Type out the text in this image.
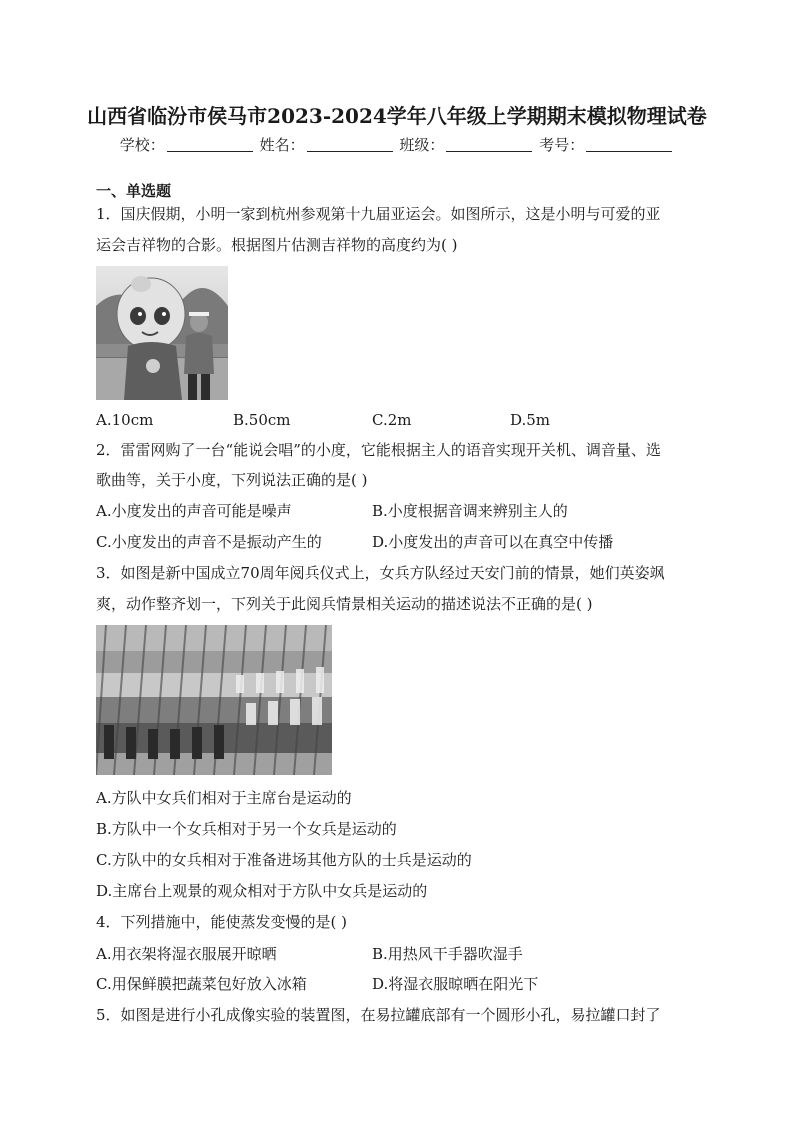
山西省临汾市侯马市2023-2024学年八年级上学期期末模拟物理试卷
学校：	姓名：	班级：	考号：
一、单选题
1．国庆假期，小明一家到杭州参观第十九届亚运会。如图所示，这是小明与可爱的亚
运会吉祥物的合影。根据图片估测吉祥物的高度约为( )
A.10cm	B.50cm	C.2m	D.5m
2．雷雷网购了一台“能说会唱”的小度，它能根据主人的语音实现开关机、调音量、选
歌曲等，关于小度，下列说法正确的是( )
A.小度发出的声音可能是噪声	B.小度根据音调来辨别主人的
C.小度发出的声音不是振动产生的	D.小度发出的声音可以在真空中传播
3．如图是新中国成立70周年阅兵仪式上，女兵方队经过天安门前的情景，她们英姿飒
爽，动作整齐划一，下列关于此阅兵情景相关运动的描述说法不正确的是( )
A.方队中女兵们相对于主席台是运动的
B.方队中一个女兵相对于另一个女兵是运动的
C.方队中的女兵相对于准备进场其他方队的士兵是运动的
D.主席台上观景的观众相对于方队中女兵是运动的
4．下列措施中，能使蒸发变慢的是( )
A.用衣架将湿衣服展开晾晒	B.用热风干手器吹湿手
C.用保鲜膜把蔬菜包好放入冰箱	D.将湿衣服晾晒在阳光下
5．如图是进行小孔成像实验的装置图，在易拉罐底部有一个圆形小孔，易拉罐口封了
